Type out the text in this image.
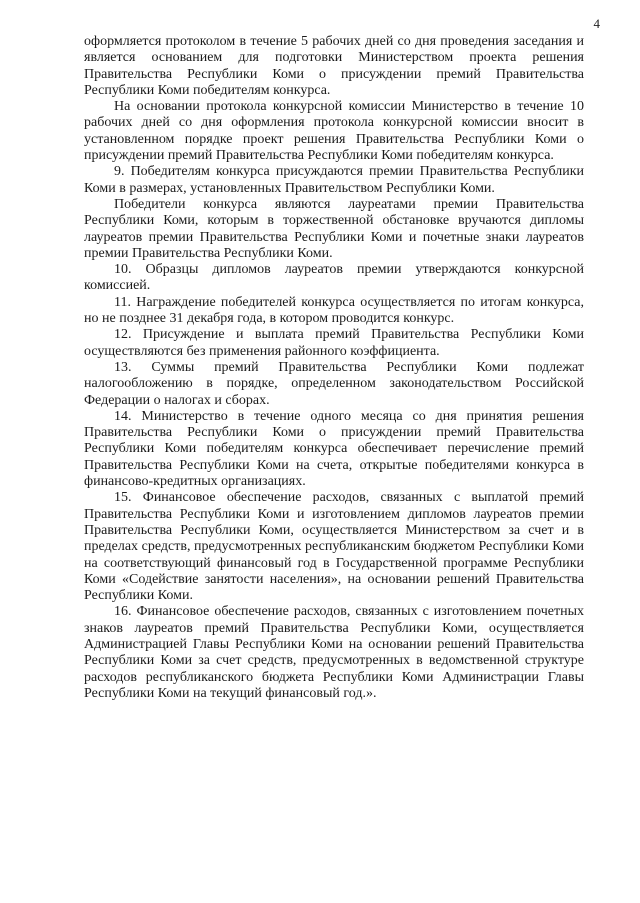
4

оформляется протоколом в течение 5 рабочих дней со дня проведения заседания и является основанием для подготовки Министерством проекта решения Правительства Республики Коми о присуждении премий Правительства Республики Коми победителям конкурса.

На основании протокола конкурсной комиссии Министерство в течение 10 рабочих дней со дня оформления протокола конкурсной комиссии вносит в установленном порядке проект решения Правительства Республики Коми о присуждении премий Правительства Республики Коми победителям конкурса.

9. Победителям конкурса присуждаются премии Правительства Республики Коми в размерах, установленных Правительством Республики Коми.

Победители конкурса являются лауреатами премии Правительства Республики Коми, которым в торжественной обстановке вручаются дипломы лауреатов премии Правительства Республики Коми и почетные знаки лауреатов премии Правительства Республики Коми.

10. Образцы дипломов лауреатов премии утверждаются конкурсной комиссией.

11. Награждение победителей конкурса осуществляется по итогам конкурса, но не позднее 31 декабря года, в котором проводится конкурс.

12. Присуждение и выплата премий Правительства Республики Коми осуществляются без применения районного коэффициента.

13. Суммы премий Правительства Республики Коми подлежат налогообложению в порядке, определенном законодательством Российской Федерации о налогах и сборах.

14. Министерство в течение одного месяца со дня принятия решения Правительства Республики Коми о присуждении премий Правительства Республики Коми победителям конкурса обеспечивает перечисление премий Правительства Республики Коми на счета, открытые победителями конкурса в финансово-кредитных организациях.

15. Финансовое обеспечение расходов, связанных с выплатой премий Правительства Республики Коми и изготовлением дипломов лауреатов премии Правительства Республики Коми, осуществляется Министерством за счет и в пределах средств, предусмотренных республиканским бюджетом Республики Коми на соответствующий финансовый год в Государственной программе Республики Коми «Содействие занятости населения», на основании решений Правительства Республики Коми.

16. Финансовое обеспечение расходов, связанных с изготовлением почетных знаков лауреатов премий Правительства Республики Коми, осуществляется Администрацией Главы Республики Коми на основании решений Правительства Республики Коми за счет средств, предусмотренных в ведомственной структуре расходов республиканского бюджета Республики Коми Администрации Главы Республики Коми на текущий финансовый год.».
